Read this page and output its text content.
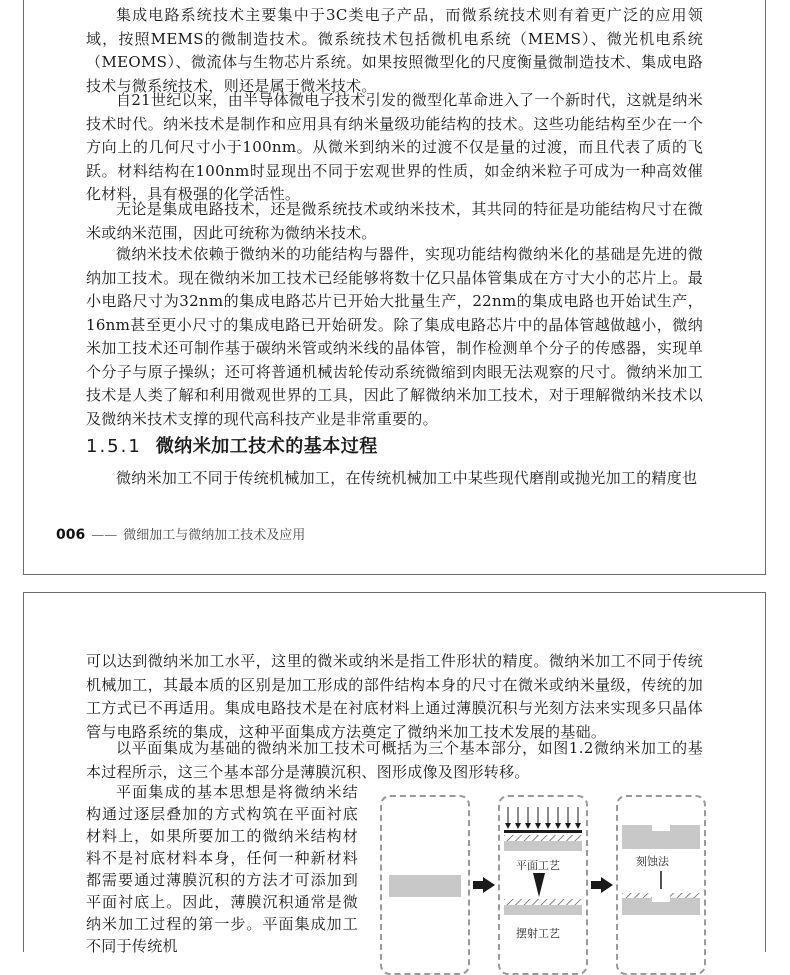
集成电路系统技术主要集中于3C类电子产品，而微系统技术则有着更广泛的应用领域，按照MEMS的微制造技术。微系统技术包括微机电系统（MEMS）、微光机电系统（MEOMS）、微流体与生物芯片系统。如果按照微型化的尺度衡量微制造技术、集成电路技术与微系统技术，则还是属于微米技术。

自21世纪以来，由半导体微电子技术引发的微型化革命进入了一个新时代，这就是纳米技术时代。纳米技术是制作和应用具有纳米量级功能结构的技术。这些功能结构至少在一个方向上的几何尺寸小于100nm。从微米到纳米的过渡不仅是量的过渡，而且代表了质的飞跃。材料结构在100nm时显现出不同于宏观世界的性质，如金纳米粒子可成为一种高效催化材料，具有极强的化学活性。

无论是集成电路技术，还是微系统技术或纳米技术，其共同的特征是功能结构尺寸在微米或纳米范围，因此可统称为微纳米技术。

微纳米技术依赖于微纳米的功能结构与器件，实现功能结构微纳米化的基础是先进的微纳加工技术。现在微纳米加工技术已经能够将数十亿只晶体管集成在方寸大小的芯片上。最小电路尺寸为32nm的集成电路芯片已开始大批量生产，22nm的集成电路也开始试生产，16nm甚至更小尺寸的集成电路已开始研发。除了集成电路芯片中的晶体管越做越小，微纳米加工技术还可制作基于碳纳米管或纳米线的晶体管，制作检测单个分子的传感器，实现单个分子与原子操纵；还可将普通机械齿轮传动系统微缩到肉眼无法观察的尺寸。微纳米加工技术是人类了解和利用微观世界的工具，因此了解微纳米加工技术，对于理解微纳米技术以及微纳米技术支撑的现代高科技产业是非常重要的。

1.5.1 微纳米加工技术的基本过程

微纳米加工不同于传统机械加工，在传统机械加工中某些现代磨削或抛光加工的精度也

006 —— 微细加工与微纳加工技术及应用

可以达到微纳米加工水平，这里的微米或纳米是指工件形状的精度。微纳米加工不同于传统机械加工，其最本质的区别是加工形成的部件结构本身的尺寸在微米或纳米量级，传统的加工方式已不再适用。集成电路技术是在衬底材料上通过薄膜沉积与光刻方法来实现多只晶体管与电路系统的集成，这种平面集成方法奠定了微纳米加工技术发展的基础。

以平面集成为基础的微纳米加工技术可概括为三个基本部分，如图1.2微纳米加工的基本过程所示，这三个基本部分是薄膜沉积、图形成像及图形转移。

平面集成的基本思想是将微纳米结构通过逐层叠加的方式构筑在平面衬底材料上，如果所要加工的微纳米结构材料不是衬底材料本身，任何一种新材料都需要通过薄膜沉积的方法才可添加到平面衬底上。因此，薄膜沉积通常是微纳米加工过程的第一步。平面集成加工不同于传统机

平面工艺
摆射工艺
刻蚀法
